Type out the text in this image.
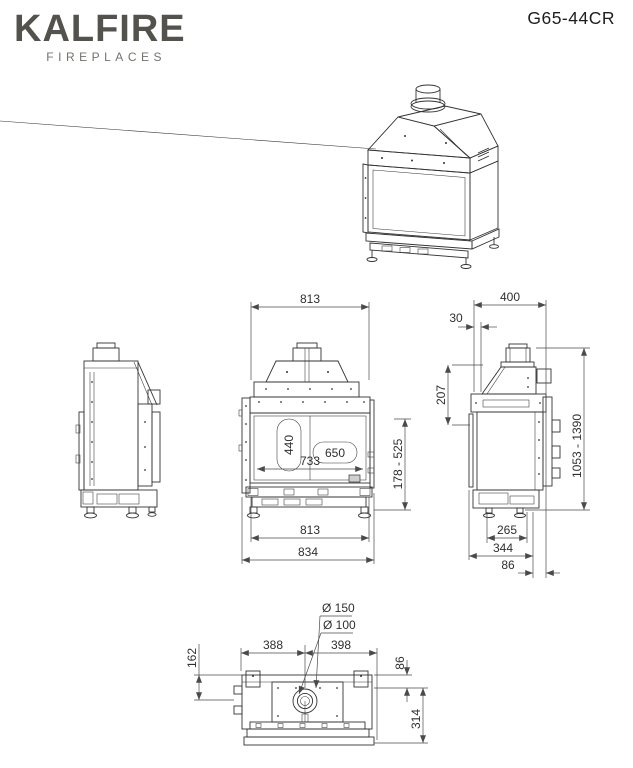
KALFIRE
FIREPLACES
G65-44CR
440 650
733
813
813
834
178 - 525
400
30
207
1053 - 1390
265
344
86
Ø 150
Ø 100
162
388	398
86
314
